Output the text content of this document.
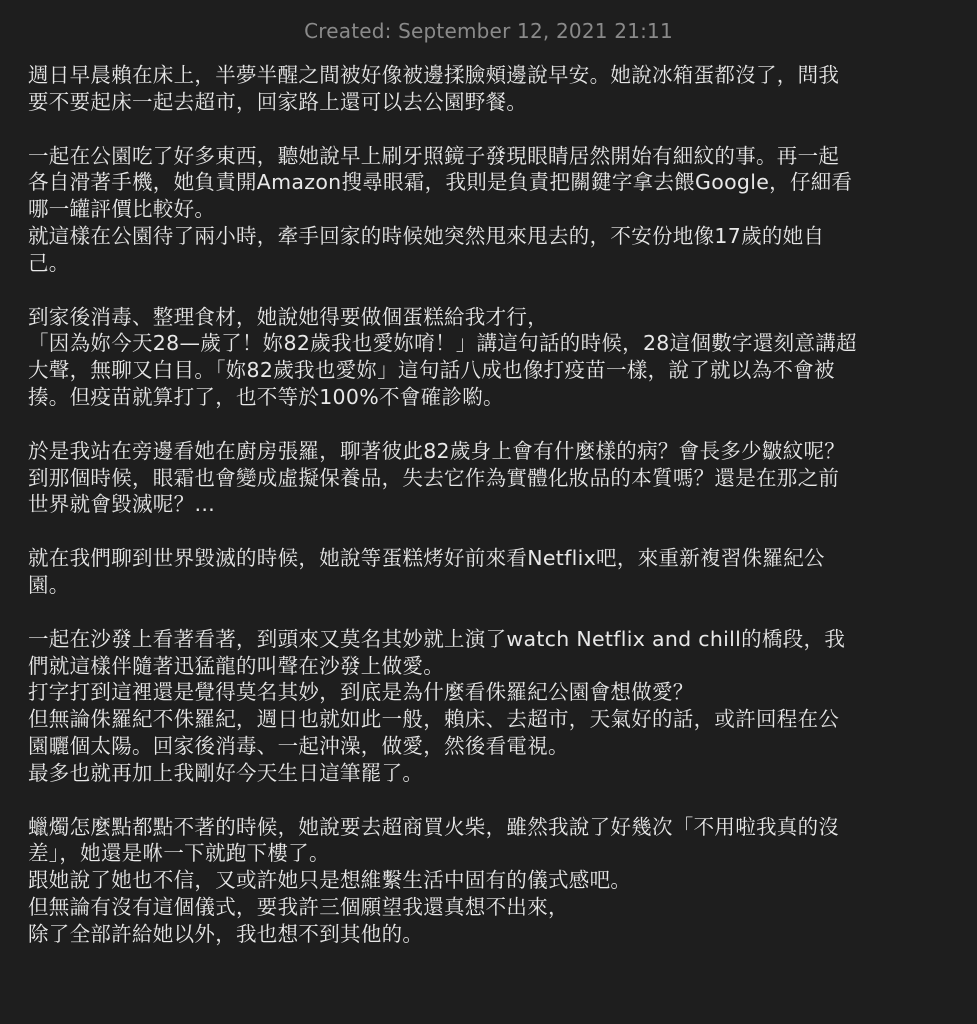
Created: September 12, 2021 21:11
週日早晨賴在床上，半夢半醒之間被好像被邊揉臉頰邊說早安。她說冰箱蛋都沒了，問我
要不要起床一起去超市，回家路上還可以去公園野餐。
一起在公園吃了好多東西，聽她說早上刷牙照鏡子發現眼睛居然開始有細紋的事。再一起
各自滑著手機，她負責開Amazon搜尋眼霜，我則是負責把關鍵字拿去餵Google，仔細看
哪一罐評價比較好。
就這樣在公園待了兩小時，牽手回家的時候她突然甩來甩去的，不安份地像17歲的她自
己。
到家後消毒、整理食材，她說她得要做個蛋糕給我才行，
「因為妳今天28—歲了！妳82歲我也愛妳唷！」講這句話的時候，28這個數字還刻意講超
大聲，無聊又白目。「妳82歲我也愛妳」這句話八成也像打疫苗一樣，說了就以為不會被
揍。但疫苗就算打了，也不等於100%不會確診喲。
於是我站在旁邊看她在廚房張羅，聊著彼此82歲身上會有什麼樣的病？會長多少皺紋呢？
到那個時候，眼霜也會變成虛擬保養品，失去它作為實體化妝品的本質嗎？還是在那之前
世界就會毀滅呢？…
就在我們聊到世界毀滅的時候，她說等蛋糕烤好前來看Netflix吧，來重新複習侏羅紀公
園。
一起在沙發上看著看著，到頭來又莫名其妙就上演了watch Netflix and chill的橋段，我
們就這樣伴隨著迅猛龍的叫聲在沙發上做愛。
打字打到這裡還是覺得莫名其妙，到底是為什麼看侏羅紀公園會想做愛？
但無論侏羅紀不侏羅紀，週日也就如此一般，賴床、去超市，天氣好的話，或許回程在公
園曬個太陽。回家後消毒、一起沖澡，做愛，然後看電視。
最多也就再加上我剛好今天生日這筆罷了。
蠟燭怎麼點都點不著的時候，她說要去超商買火柴，雖然我說了好幾次「不用啦我真的沒
差」，她還是咻一下就跑下樓了。
跟她說了她也不信，又或許她只是想維繫生活中固有的儀式感吧。
但無論有沒有這個儀式，要我許三個願望我還真想不出來，
除了全部許給她以外，我也想不到其他的。
